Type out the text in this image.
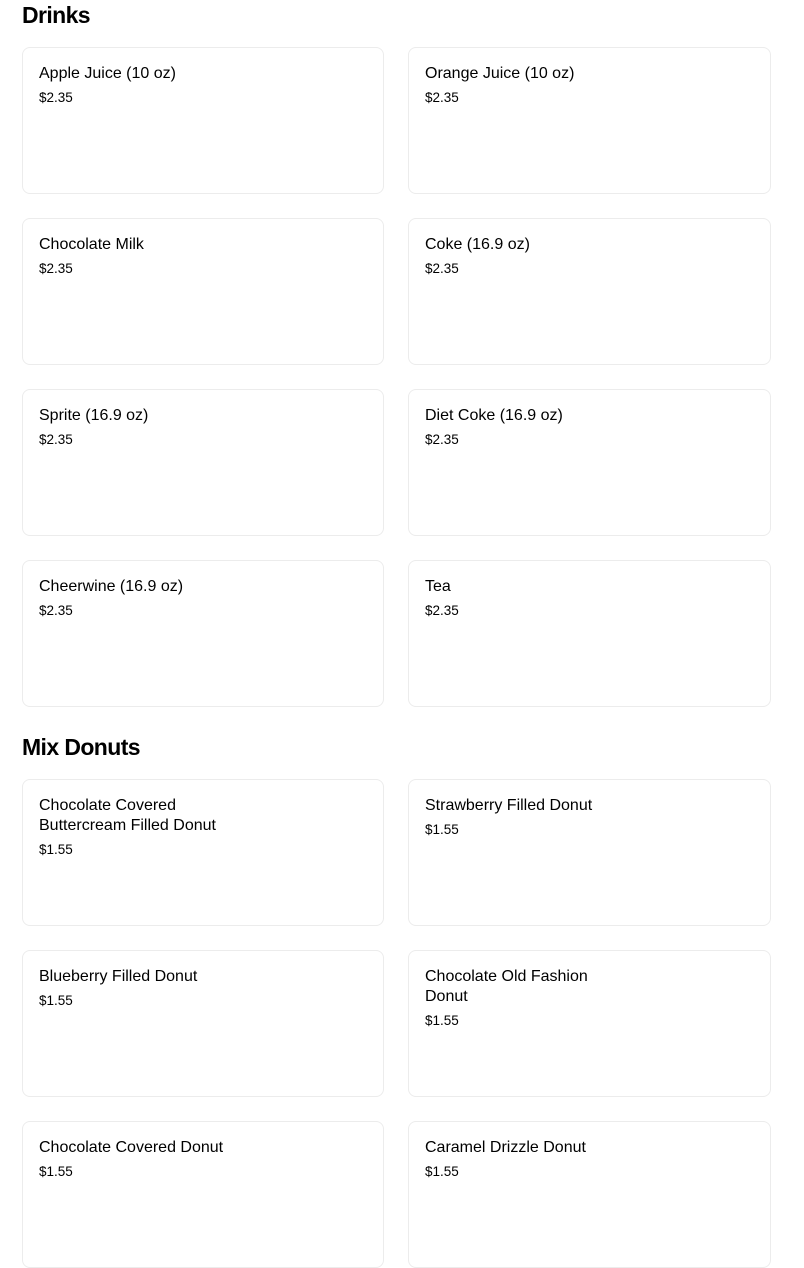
Drinks
Apple Juice (10 oz)
$2.35
Orange Juice (10 oz)
$2.35
Chocolate Milk
$2.35
Coke (16.9 oz)
$2.35
Sprite (16.9 oz)
$2.35
Diet Coke (16.9 oz)
$2.35
Cheerwine (16.9 oz)
$2.35
Tea
$2.35
Mix Donuts
Chocolate Covered Buttercream Filled Donut
$1.55
Strawberry Filled Donut
$1.55
Blueberry Filled Donut
$1.55
Chocolate Old Fashion Donut
$1.55
Chocolate Covered Donut
$1.55
Caramel Drizzle Donut
$1.55
